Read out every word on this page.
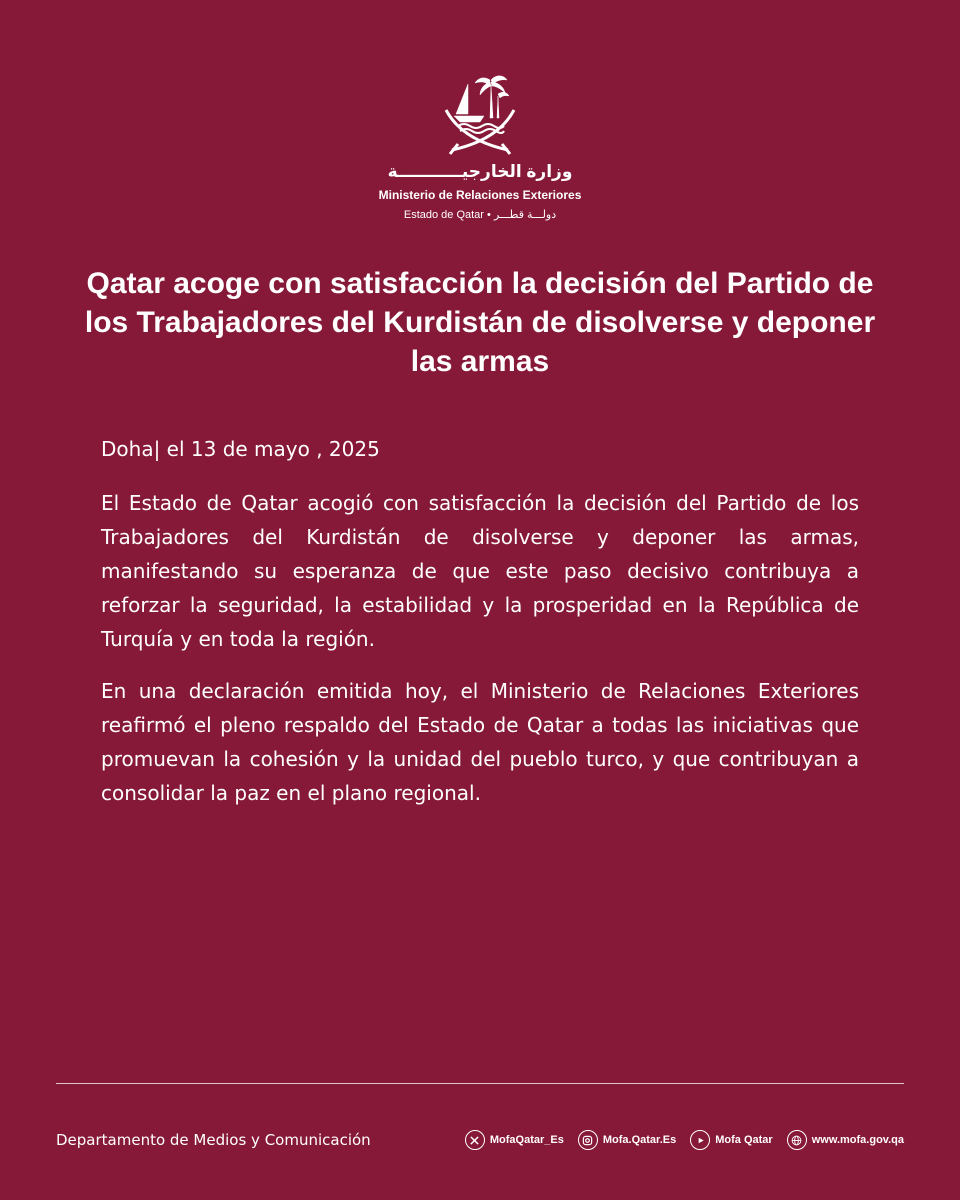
وزارة الخارجيـــــــــــة
Ministerio de Relaciones Exteriores
Estado de Qatar • دولـــة قطـــر
Qatar acoge con satisfacción la decisión del Partido de los Trabajadores del Kurdistán de disolverse y deponer las armas

Doha| el 13 de mayo , 2025

El Estado de Qatar acogió con satisfacción la decisión del Partido de los Trabajadores del Kurdistán de disolverse y deponer las armas, manifestando su esperanza de que este paso decisivo contribuya a reforzar la seguridad, la estabilidad y la prosperidad en la República de Turquía y en toda la región.

En una declaración emitida hoy, el Ministerio de Relaciones Exteriores reafirmó el pleno respaldo del Estado de Qatar a todas las iniciativas que promuevan la cohesión y la unidad del pueblo turco, y que contribuyan a consolidar la paz en el plano regional.

Departamento de Medios y Comunicación	MofaQatar_Es	Mofa.Qatar.Es	Mofa Qatar	www.mofa.gov.qa
